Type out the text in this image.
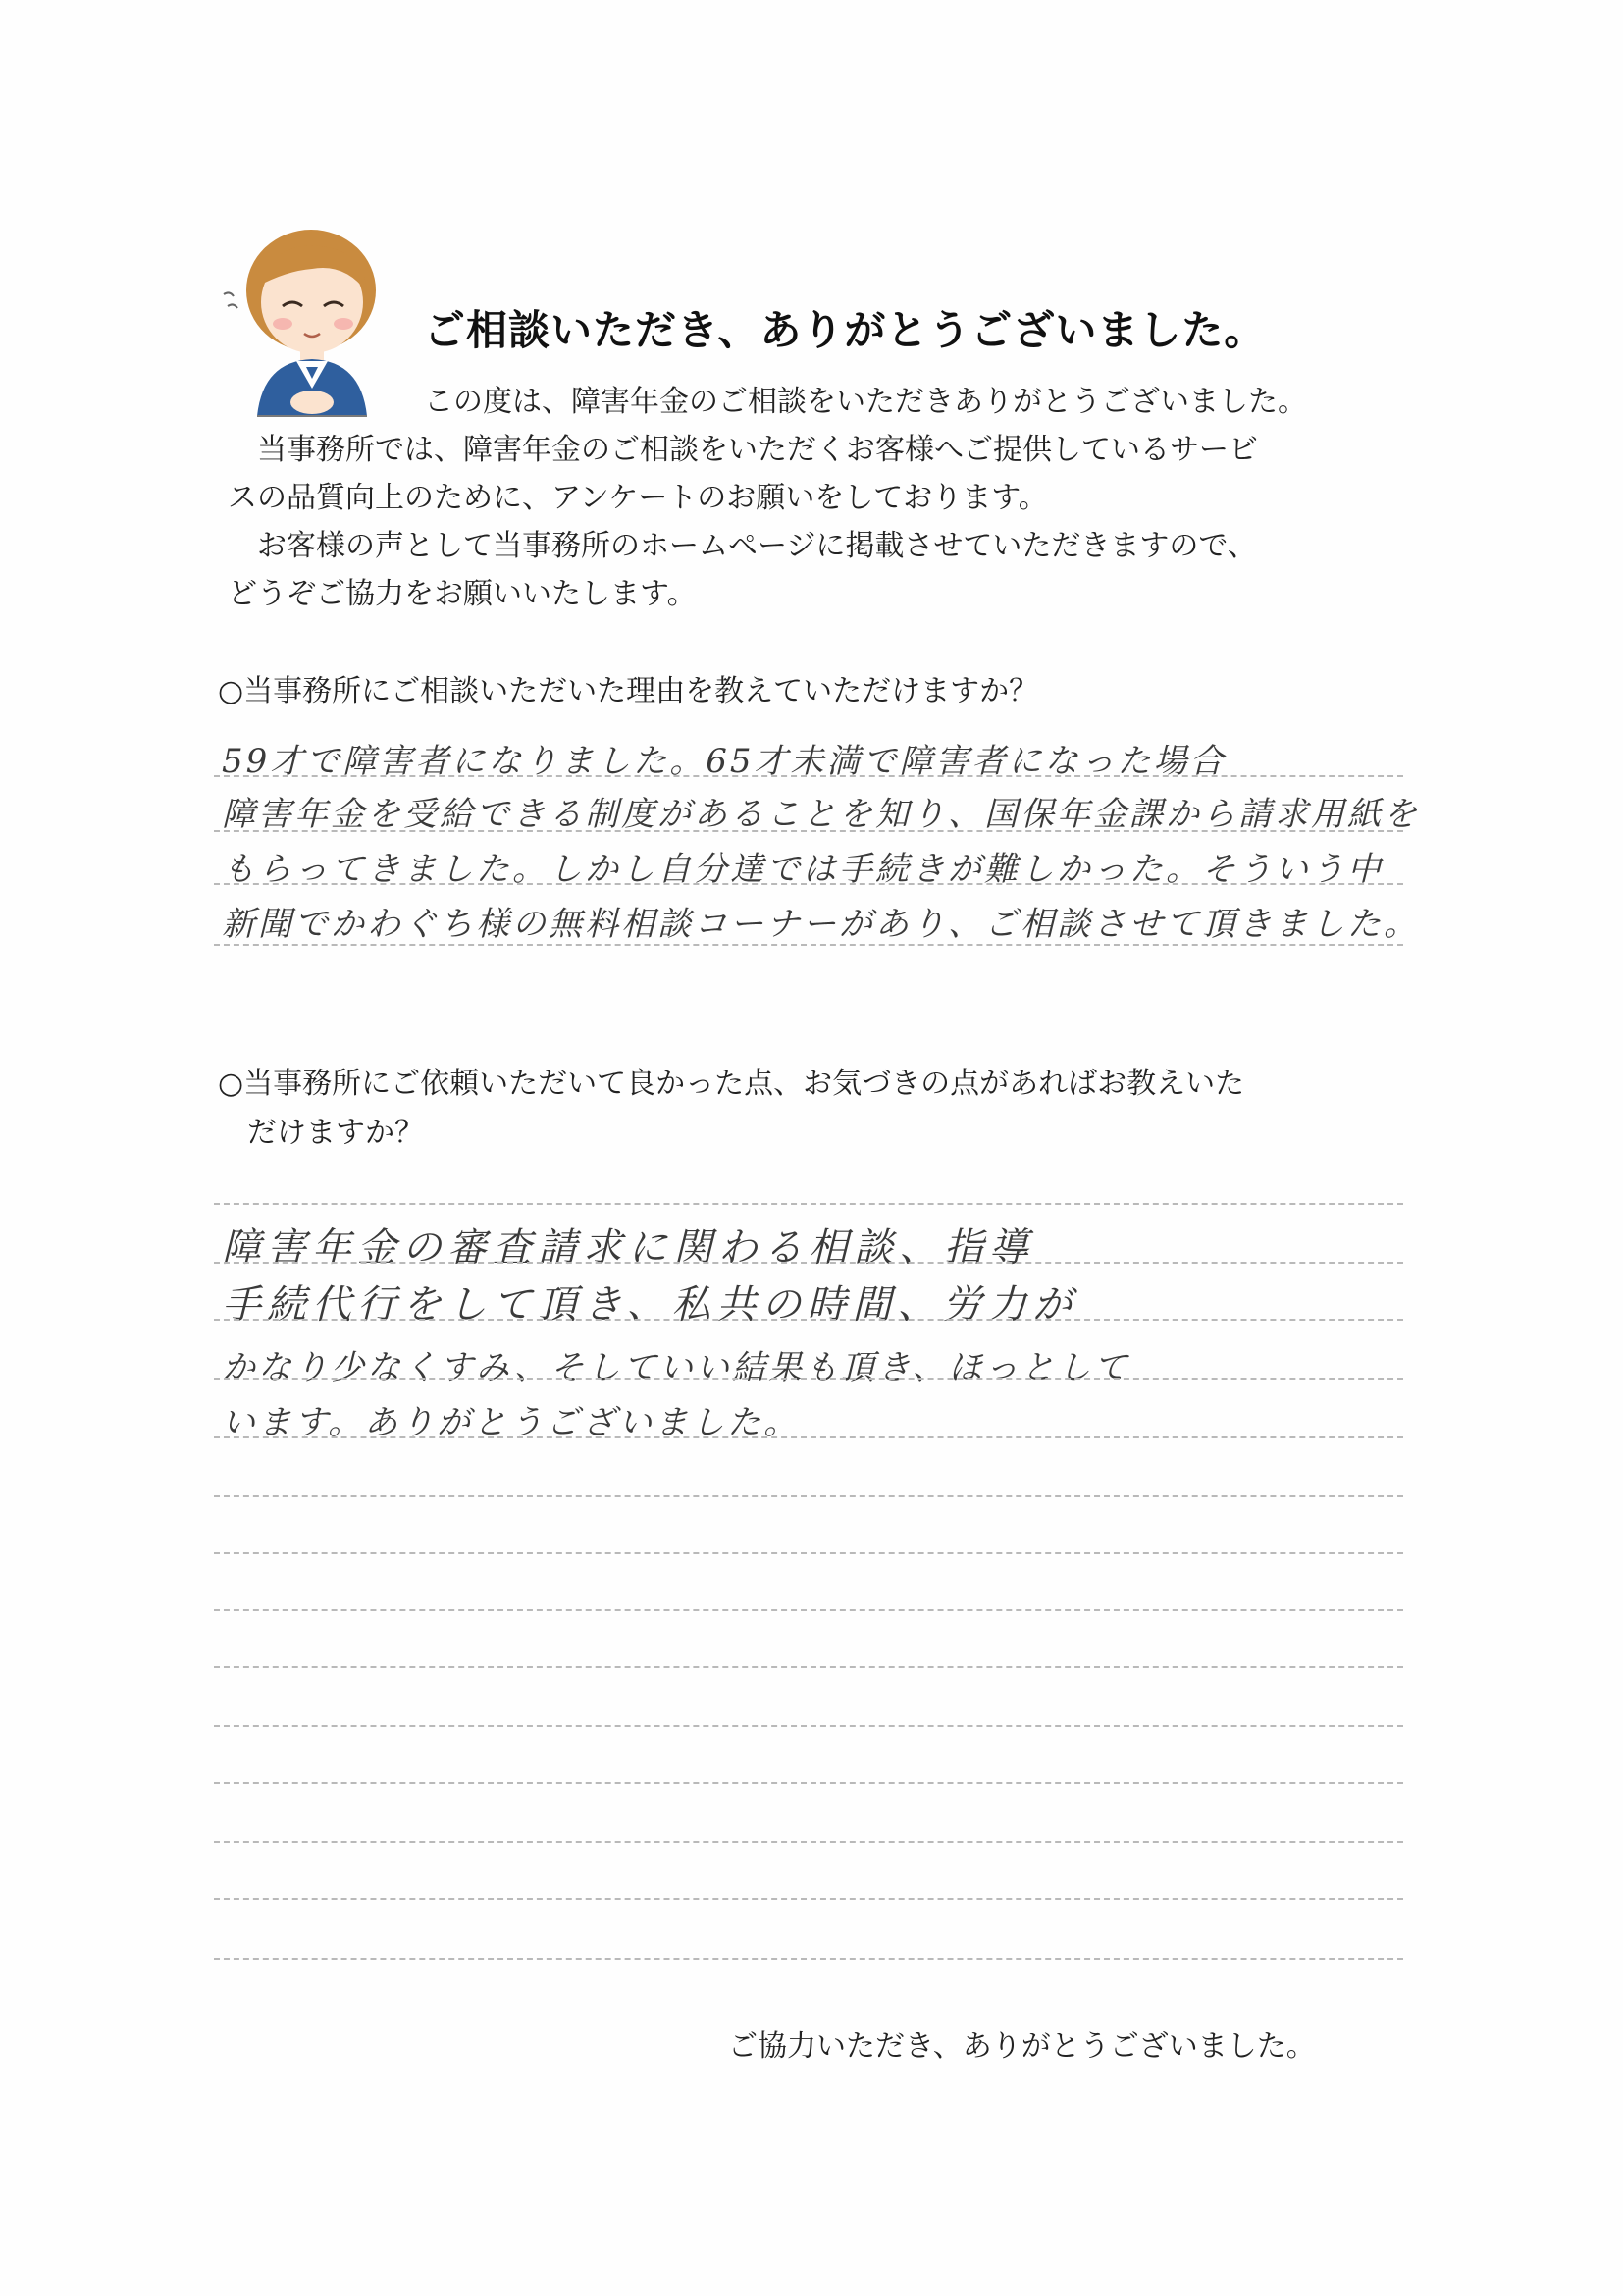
ご相談いただき、ありがとうございました。
この度は、障害年金のご相談をいただきありがとうございました。
当事務所では、障害年金のご相談をいただくお客様へご提供しているサービ
スの品質向上のために、アンケートのお願いをしております。
お客様の声として当事務所のホームページに掲載させていただきますので、
どうぞご協力をお願いいたします。
○当事務所にご相談いただいた理由を教えていただけますか？
59才で障害者になりました。65才未満で障害者になった場合
障害年金を受給できる制度があることを知り、国保年金課から請求用紙を
もらってきました。しかし自分達では手続きが難しかった。そういう中
新聞でかわぐち様の無料相談コーナーがあり、ご相談させて頂きました。
○当事務所にご依頼いただいて良かった点、お気づきの点があればお教えいた
　だけますか？
障害年金の審査請求に関わる相談、指導
手続代行をして頂き、私共の時間、労力が
かなり少なくすみ、そしていい結果も頂き、ほっとして
います。ありがとうございました。
ご協力いただき、ありがとうございました。
